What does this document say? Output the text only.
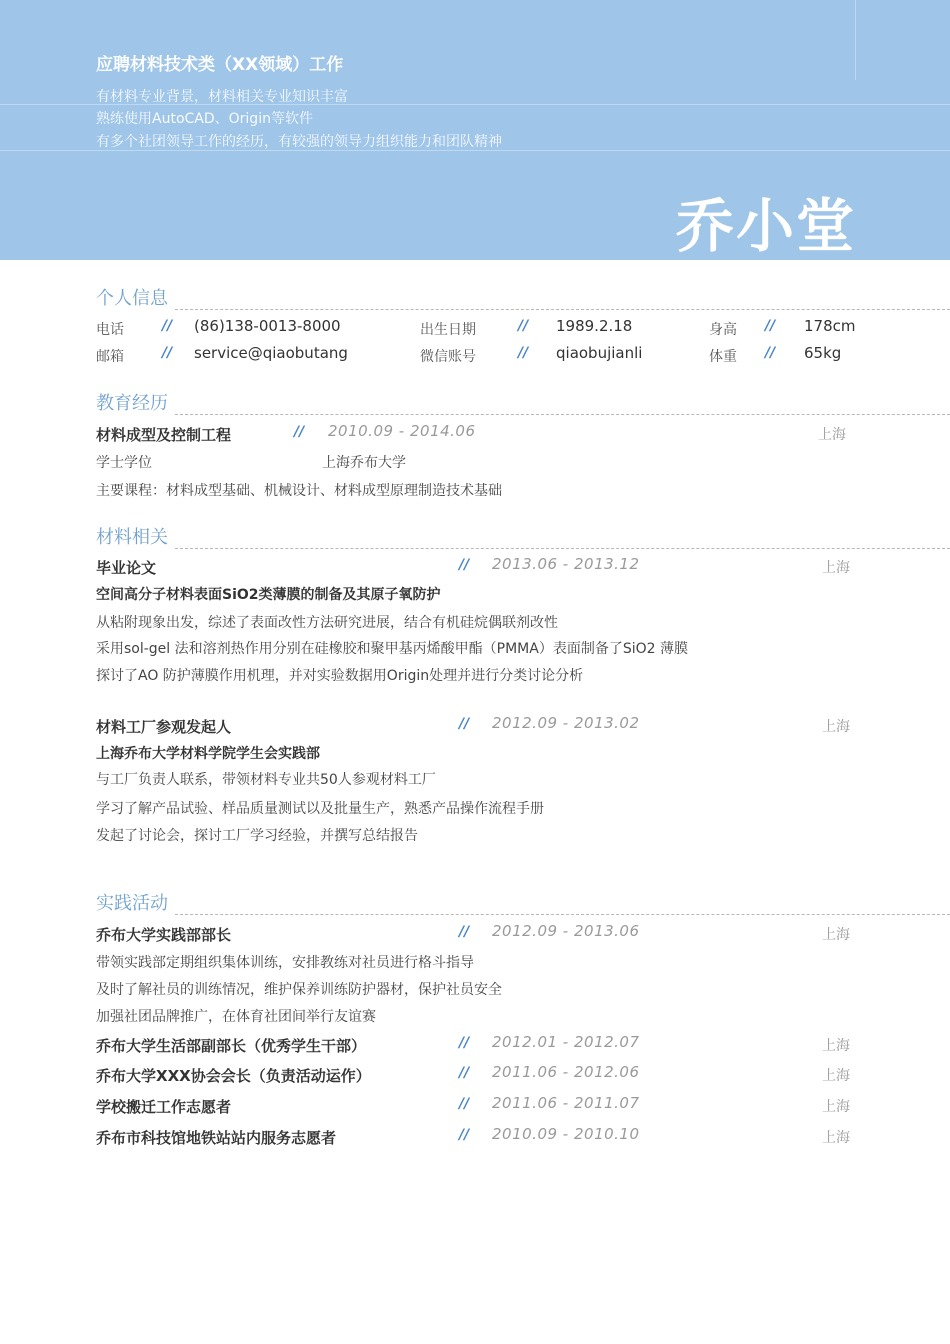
应聘材料技术类（XX领域）工作
有材料专业背景，材料相关专业知识丰富
熟练使用AutoCAD、Origin等软件
有多个社团领导工作的经历，有较强的领导力组织能力和团队精神
乔小堂
个人信息
电话	// (86)138-0013-8000	出生日期	// 1989.2.18	身高 // 178cm
邮箱	// service@qiaobutang	微信账号	// qiaobujianli	体重 // 65kg
教育经历
材料成型及控制工程	// 2010.09 - 2014.06	上海
学士学位	上海乔布大学
主要课程：材料成型基础、机械设计、材料成型原理制造技术基础
材料相关
毕业论文	// 2013.06 - 2013.12	上海
空间高分子材料表面SiO2类薄膜的制备及其原子氧防护
从粘附现象出发，综述了表面改性方法研究进展，结合有机硅烷偶联剂改性
采用sol-gel 法和溶剂热作用分别在硅橡胶和聚甲基丙烯酸甲酯（PMMA）表面制备了SiO2 薄膜
探讨了AO 防护薄膜作用机理，并对实验数据用Origin处理并进行分类讨论分析
材料工厂参观发起人	// 2012.09 - 2013.02	上海
上海乔布大学材料学院学生会实践部
与工厂负责人联系，带领材料专业共50人参观材料工厂
学习了解产品试验、样品质量测试以及批量生产，熟悉产品操作流程手册
发起了讨论会，探讨工厂学习经验，并撰写总结报告
实践活动
乔布大学实践部部长	// 2012.09 - 2013.06	上海
带领实践部定期组织集体训练，安排教练对社员进行格斗指导
及时了解社员的训练情况，维护保养训练防护器材，保护社员安全
加强社团品牌推广，在体育社团间举行友谊赛
乔布大学生活部副部长（优秀学生干部）	// 2012.01 - 2012.07	上海
乔布大学XXX协会会长（负责活动运作）	// 2011.06 - 2012.06	上海
学校搬迁工作志愿者	// 2011.06 - 2011.07	上海
乔布市科技馆地铁站站内服务志愿者	// 2010.09 - 2010.10	上海
